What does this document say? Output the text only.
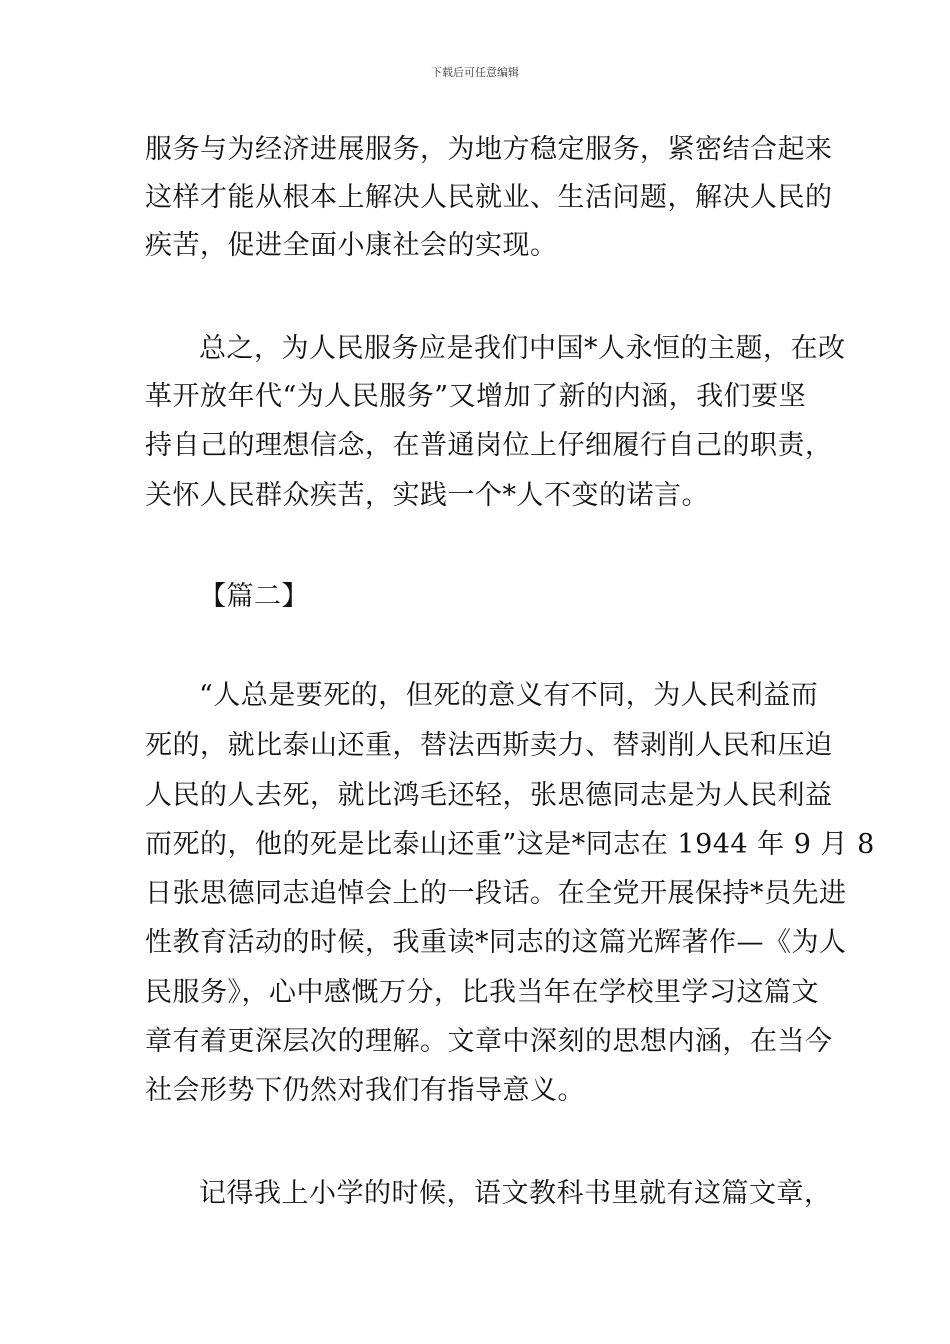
下载后可任意编辑
服务与为经济进展服务，为地方稳定服务，紧密结合起来
这样才能从根本上解决人民就业、生活问题，解决人民的
疾苦，促进全面小康社会的实现。
总之，为人民服务应是我们中国*人永恒的主题，在改
革开放年代“为人民服务”又增加了新的内涵，我们要坚
持自己的理想信念，在普通岗位上仔细履行自己的职责，
关怀人民群众疾苦，实践一个*人不变的诺言。
【篇二】
“人总是要死的，但死的意义有不同，为人民利益而
死的，就比泰山还重，替法西斯卖力、替剥削人民和压迫
人民的人去死，就比鸿毛还轻，张思德同志是为人民利益
而死的，他的死是比泰山还重”这是*同志在 1944 年 9 月 8
日张思德同志追悼会上的一段话。在全党开展保持*员先进
性教育活动的时候，我重读*同志的这篇光辉著作—《为人
民服务》，心中感慨万分，比我当年在学校里学习这篇文
章有着更深层次的理解。文章中深刻的思想内涵，在当今
社会形势下仍然对我们有指导意义。
记得我上小学的时候，语文教科书里就有这篇文章，
